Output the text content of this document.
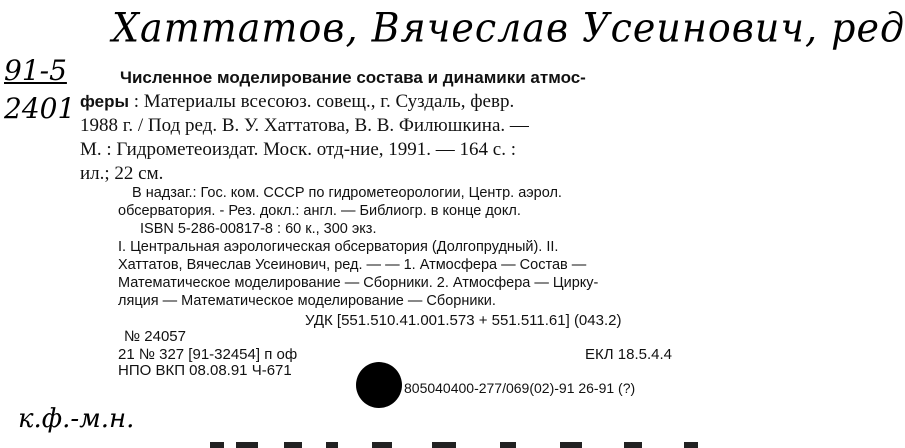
Хаттатов, Вячеслав Усеинович, ред
91-5
2401
Численное моделирование состава и динамики атмос-
феры : Материалы всесоюз. совещ., г. Суздаль, февр.
1988 г. / Под ред. В. У. Хаттатова, В. В. Филюшкина. —
М. : Гидрометеоиздат. Моск. отд-ние, 1991. — 164 с. :
ил.; 22 см.
В надзаг.: Гос. ком. СССР по гидрометеорологии, Центр. аэрол.
обсерватория. - Рез. докл.: англ. — Библиогр. в конце докл.
ISBN 5-286-00817-8 : 60 к., 300 экз.
I. Центральная аэрологическая обсерватория (Долгопрудный). II.
Хаттатов, Вячеслав Усеинович, ред. — — 1. Атмосфера — Состав —
Математическое моделирование — Сборники. 2. Атмосфера — Цирку-
ляция — Математическое моделирование — Сборники.
УДК [551.510.41.001.573 + 551.511.61] (043.2)
№ 24057
21 № 327 [91-32454] п оф	ЕКЛ 18.5.4.4
НПО ВКП 08.08.91 Ч-671
805040400-277/069(02)-91 26-91 (?)
к.ф.-м.н.
